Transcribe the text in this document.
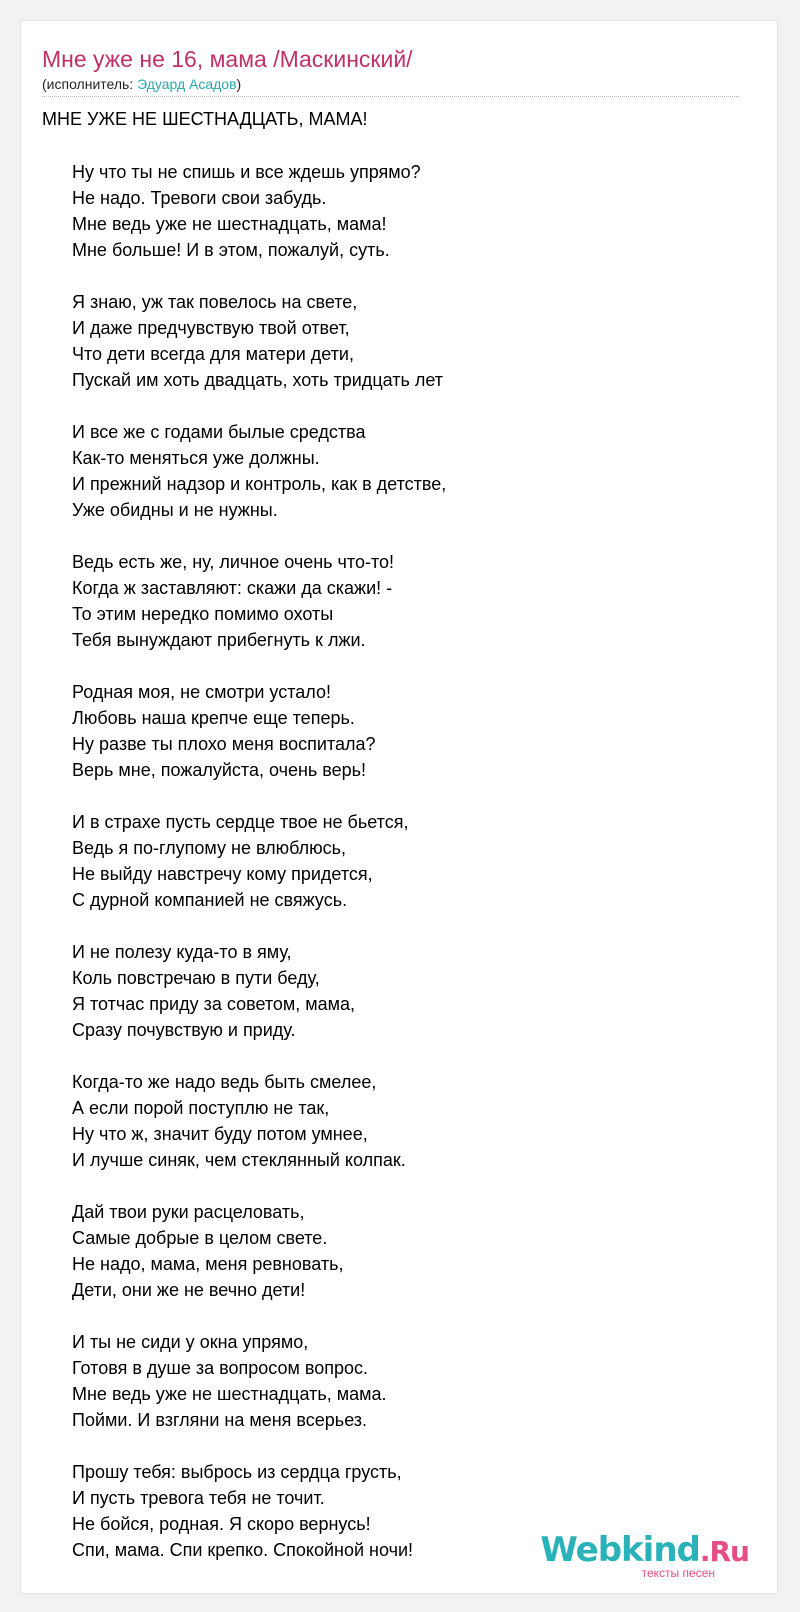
Мне уже не 16, мама /Маскинский/
(исполнитель: Эдуард Асадов)
МНЕ УЖЕ НЕ ШЕСТНАДЦАТЬ, МАМА!
Ну что ты не спишь и все ждешь упрямо?
Не надо. Тревоги свои забудь.
Мне ведь уже не шестнадцать, мама!
Мне больше! И в этом, пожалуй, суть.
Я знаю, уж так повелось на свете,
И даже предчувствую твой ответ,
Что дети всегда для матери дети,
Пускай им хоть двадцать, хоть тридцать лет
И все же с годами былые средства
Как-то меняться уже должны.
И прежний надзор и контроль, как в детстве,
Уже обидны и не нужны.
Ведь есть же, ну, личное очень что-то!
Когда ж заставляют: скажи да скажи! -
То этим нередко помимо охоты
Тебя вынуждают прибегнуть к лжи.
Родная моя, не смотри устало!
Любовь наша крепче еще теперь.
Ну разве ты плохо меня воспитала?
Верь мне, пожалуйста, очень верь!
И в страхе пусть сердце твое не бьется,
Ведь я по-глупому не влюблюсь,
Не выйду навстречу кому придется,
С дурной компанией не свяжусь.
И не полезу куда-то в яму,
Коль повстречаю в пути беду,
Я тотчас приду за советом, мама,
Сразу почувствую и приду.
Когда-то же надо ведь быть смелее,
А если порой поступлю не так,
Ну что ж, значит буду потом умнее,
И лучше синяк, чем стеклянный колпак.
Дай твои руки расцеловать,
Самые добрые в целом свете.
Не надо, мама, меня ревновать,
Дети, они же не вечно дети!
И ты не сиди у окна упрямо,
Готовя в душе за вопросом вопрос.
Мне ведь уже не шестнадцать, мама.
Пойми. И взгляни на меня всерьез.
Прошу тебя: выбрось из сердца грусть,
И пусть тревога тебя не точит.
Не бойся, родная. Я скоро вернусь!
Спи, мама. Спи крепко. Спокойной ночи!	Webkind.Ru
тексты песен
